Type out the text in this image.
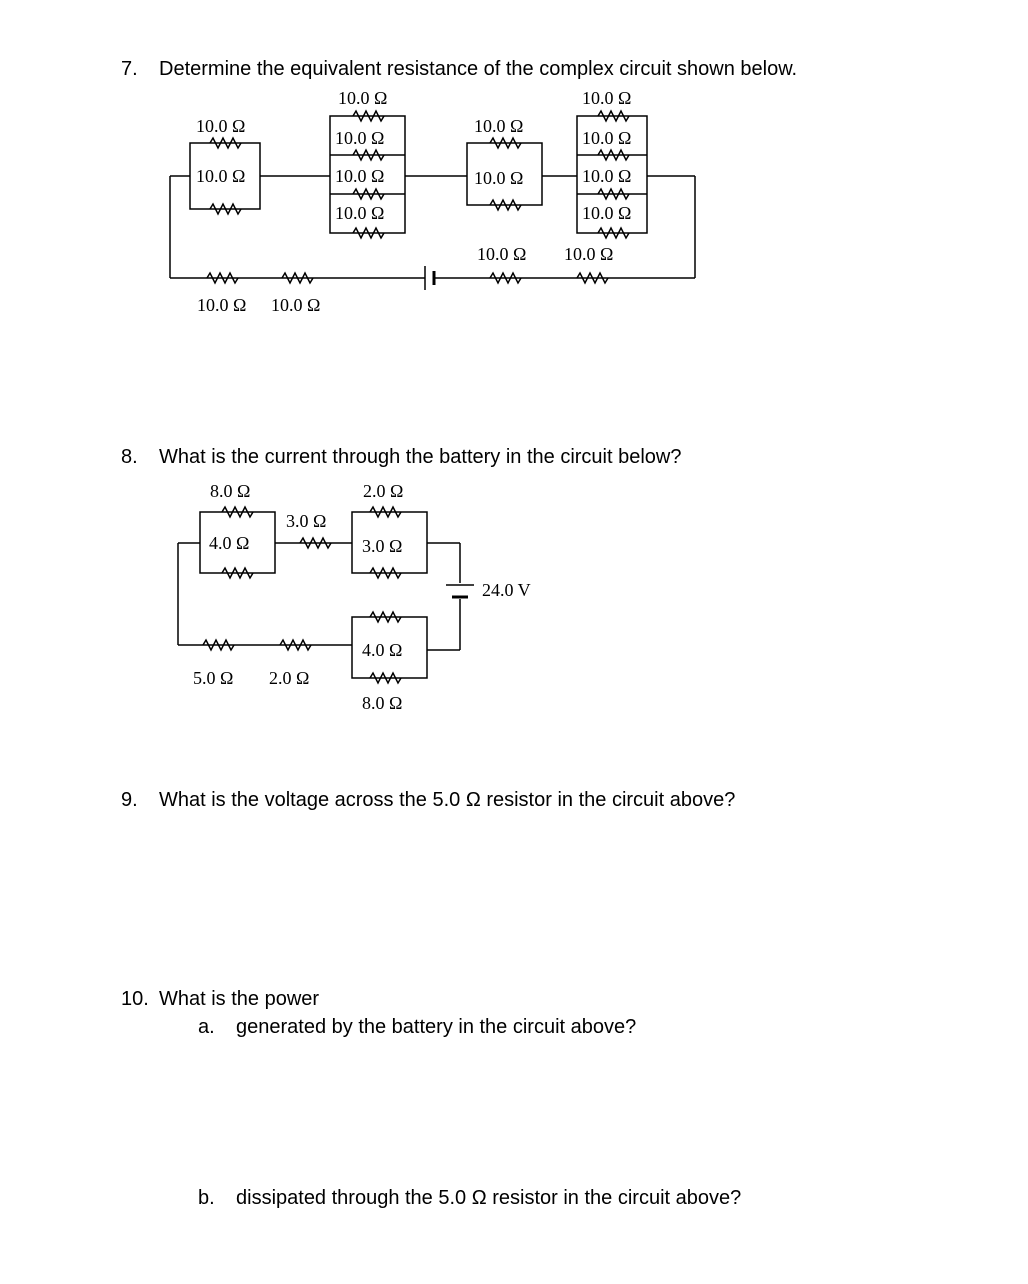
7. Determine the equivalent resistance of the complex circuit shown below.
10.0 Ω
10.0 Ω
10.0 Ω
10.0 Ω
10.0 Ω
10.0 Ω
10.0 Ω
10.0 Ω
10.0 Ω
10.0 Ω
10.0 Ω
10.0 Ω
10.0 Ω 10.0 Ω
10.0 Ω 10.0 Ω
8. What is the current through the battery in the circuit below?
8.0 Ω
4.0 Ω
3.0 Ω
2.0 Ω
3.0 Ω
24.0 V
4.0 Ω
8.0 Ω
5.0 Ω 2.0 Ω
9. What is the voltage across the 5.0 Ω resistor in the circuit above?
10. What is the power
a. generated by the battery in the circuit above?
b. dissipated through the 5.0 Ω resistor in the circuit above?
